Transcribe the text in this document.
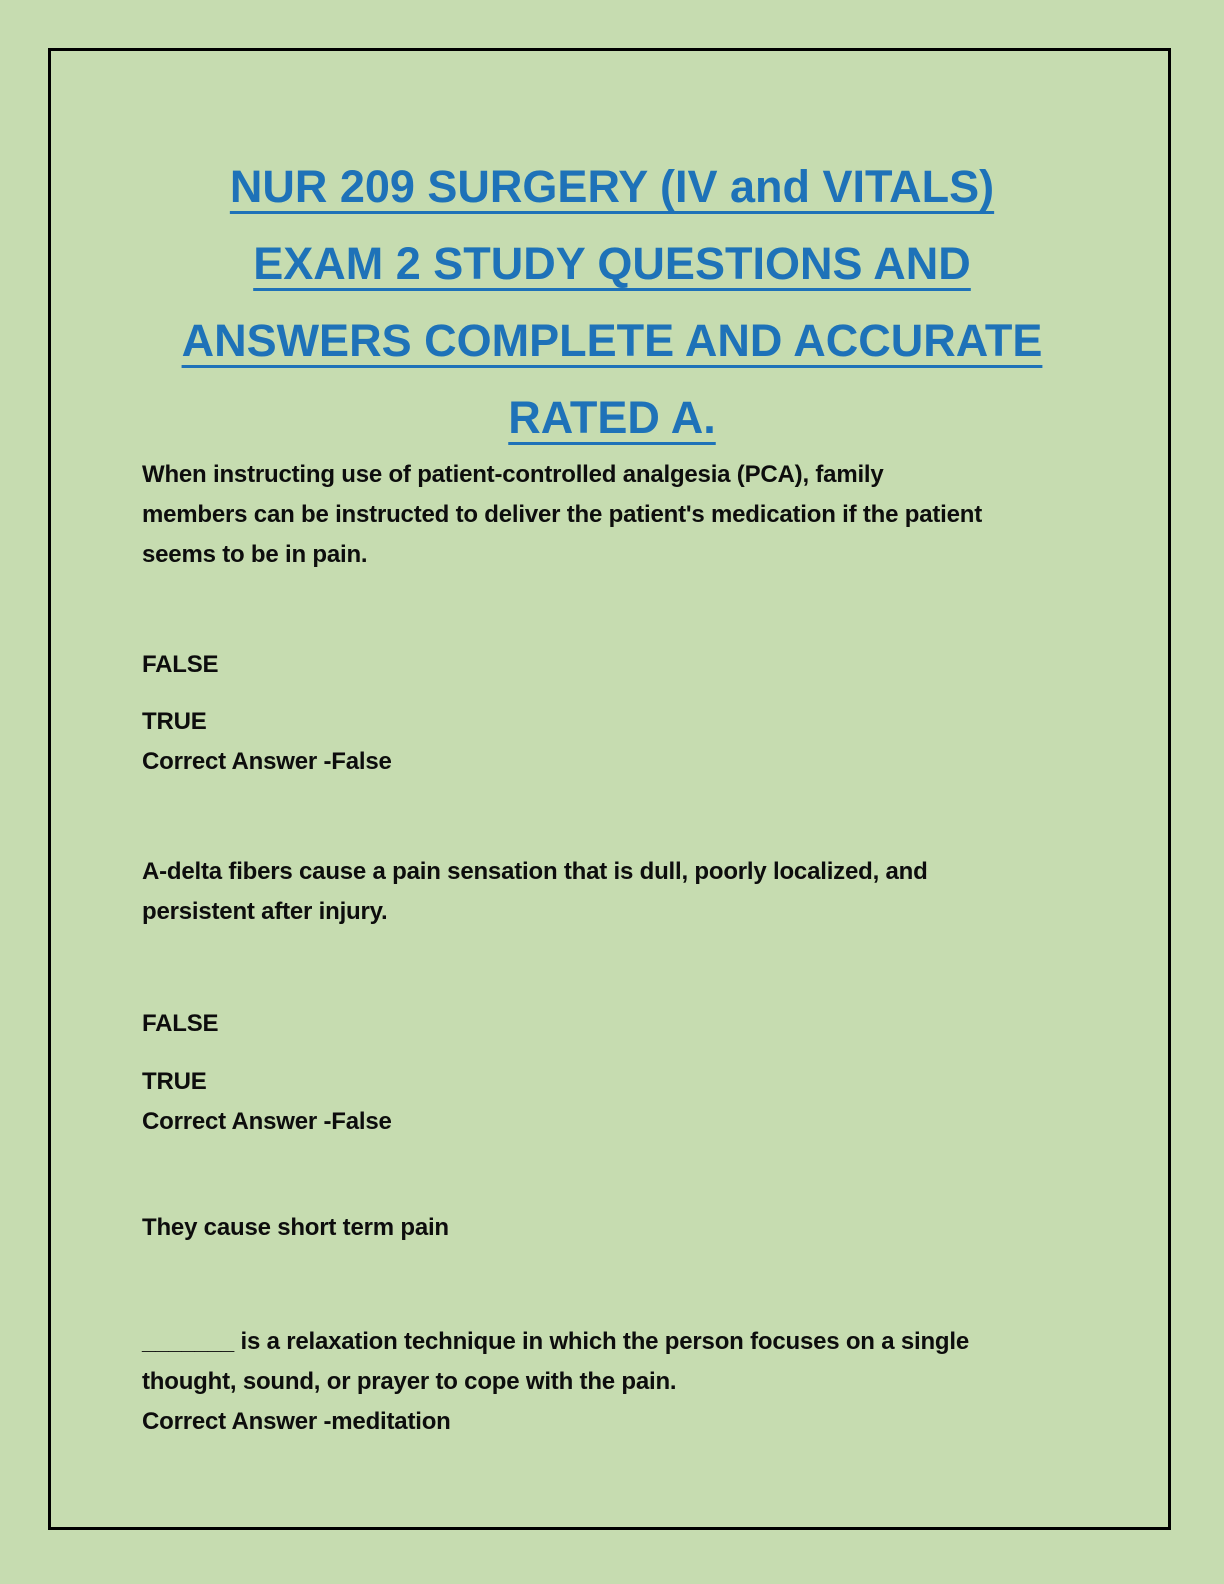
NUR 209 SURGERY (IV and VITALS)
EXAM 2 STUDY QUESTIONS AND
ANSWERS COMPLETE AND ACCURATE
RATED A.
When instructing use of patient-controlled analgesia (PCA), family
members can be instructed to deliver the patient's medication if the patient
seems to be in pain.
FALSE
TRUE
Correct Answer -False
A-delta fibers cause a pain sensation that is dull, poorly localized, and
persistent after injury.
FALSE
TRUE
Correct Answer -False
They cause short term pain
_______ is a relaxation technique in which the person focuses on a single
thought, sound, or prayer to cope with the pain.
Correct Answer -meditation
